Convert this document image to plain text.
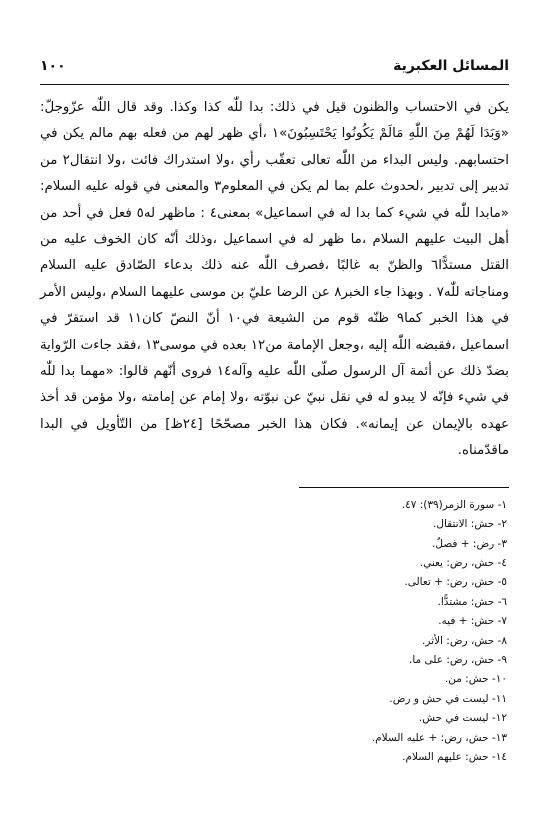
المسائل العكبرية
١٠٠

يكن في الاحتساب والظنون قيل في ذلك: بدا للّٰه كذا وكذا. وقد قال اللّٰه عزّوجلّ: «وَبَدَا لَهُمْ مِنَ اللّٰهِ مَالَمْ يَكُونُوا يَحْتَسِبُونَ»١ ،أي ظهر لهم من فعله بهم مالم يكن في احتسابهم. وليس البداء من اللّٰه تعالى تعقّب رأي ،ولا استدراك فائت ،ولا انتقال٢ من تدبير إلى تدبير ،لحدوث علم بما لم يكن في المعلوم٣ والمعنى في قوله عليه السلام: «مابدا للّٰه في شيء كما بدا له في اسماعيل» بمعنى٤ : ماظهر له٥ فعل في أحد من أهل البيت عليهم السلام ،ما ظهر له في اسماعيل ،وذلك أنّه كان الخوف عليه من القتل مستدًّا٦ والظنّ به غالبًا ،فصرف اللّٰه عنه ذلك بدعاء الصّادق عليه السلام ومناجاته للّٰه٧ . وبهذا جاء الخبر٨ عن الرضا عليّ بن موسى عليهما السلام ،وليس الأمر في هذا الخبر كما٩ ظنّه قوم من الشيعة في١٠ أنّ النصّ كان١١ قد استقرّ في اسماعيل ،فقبضه اللّٰه إليه ،وجعل الإمامة من١٢ بعده في موسى١٣ ،فقد جاءت الرّواية بضدّ ذلك عن أئمة آل الرسول صلّى اللّٰه عليه وآله١٤ فروى أنّهم قالوا: «مهما بدا للّٰه في شيء فإنّه لا يبدو له في نقل نبيّ عن نبوّته ،ولا إمام عن إمامته ،ولا مؤمن قد أخذ عهده بالإيمان عن إيمانه». فكان هذا الخبر مصحّحًا [٢٤ظ] من التّأويل في البدا ماقدّمناه.

١- سورة الزمر(٣٩): ٤٧.
٢- حش: الانتقال.
٣- رض: + فصلٌ.
٤- حش، رض: يعني.
٥- حش، رض: + تعالى.
٦- حش: مشتدًّا.
٧- حش: + فيه.
٨- حش، رض: الأثر.
٩- حش، رض: على ما.
١٠- حش: من.
١١- ليست في حش و رض.
١٢- ليست في حش.
١٣- حش، رض: + عليه السلام.
١٤- حش: عليهم السلام.
